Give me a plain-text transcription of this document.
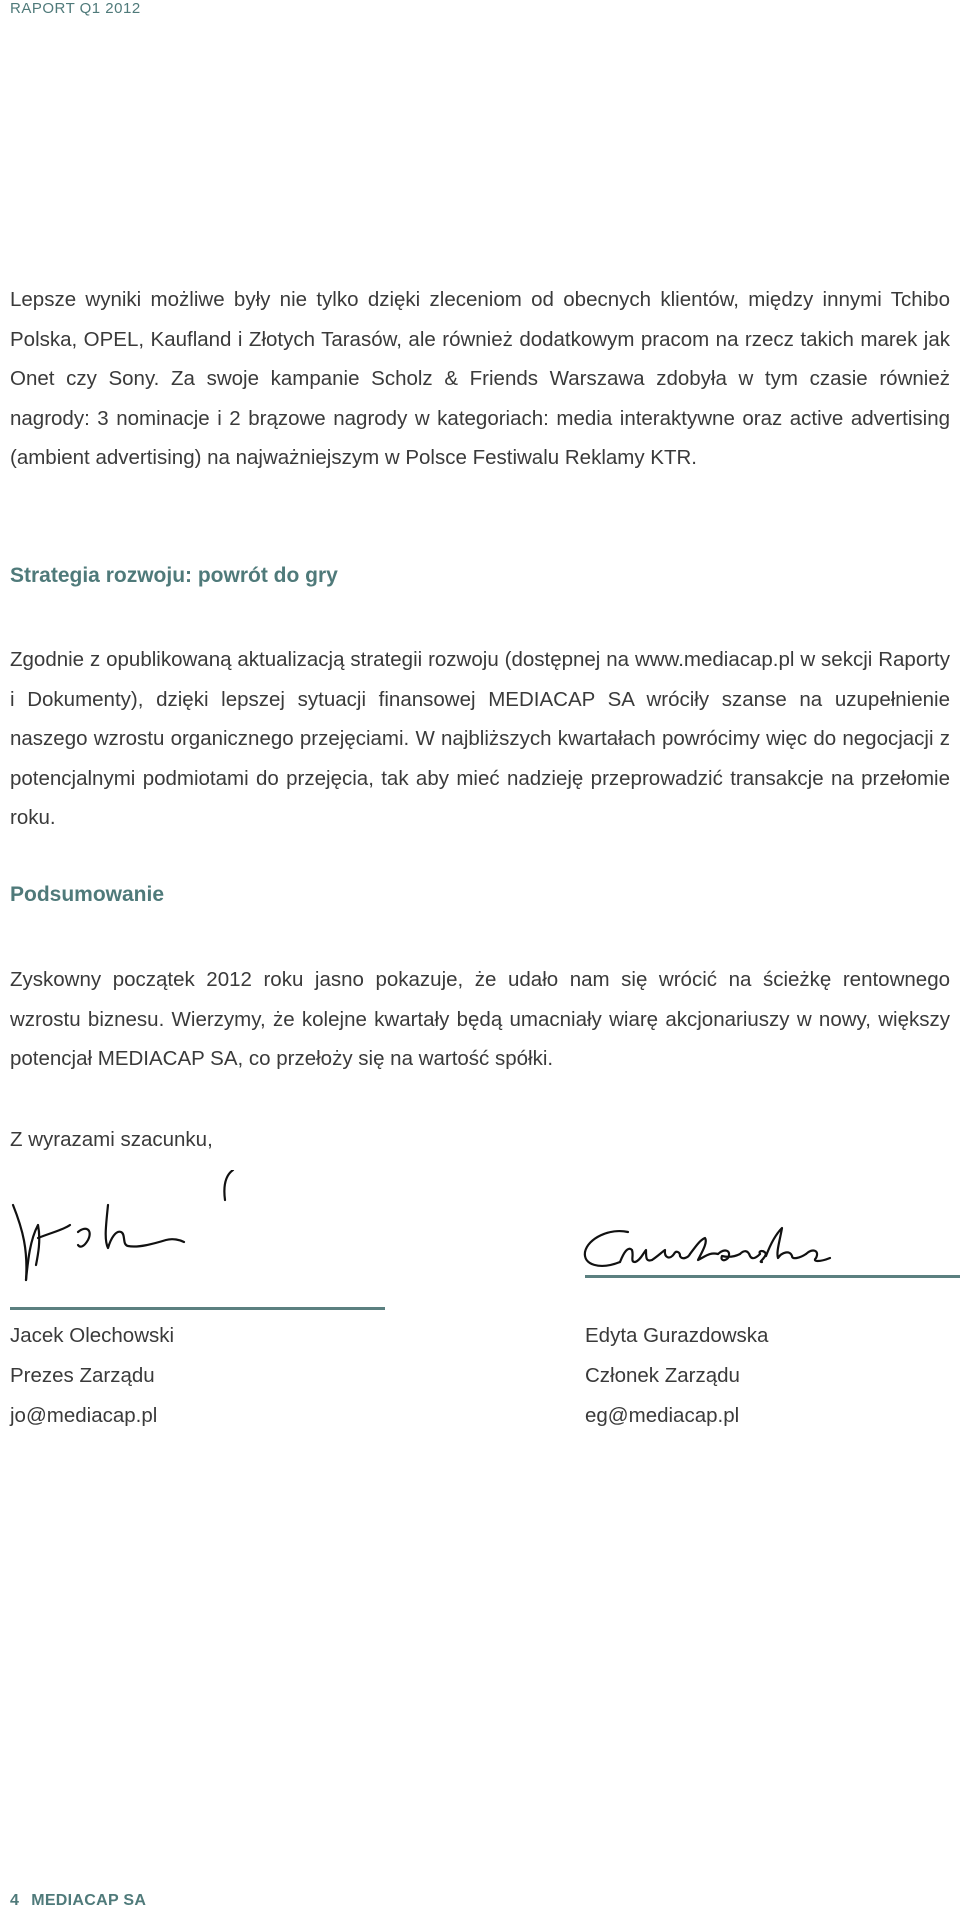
RAPORT Q1 2012

Lepsze wyniki możliwe były nie tylko dzięki zleceniom od obecnych klientów, między innymi Tchibo Polska, OPEL, Kaufland i Złotych Tarasów, ale również dodatkowym pracom na rzecz takich marek jak Onet czy Sony. Za swoje kampanie Scholz & Friends Warszawa zdobyła w tym czasie również nagrody: 3 nominacje i 2 brązowe nagrody w kategoriach: media interaktywne oraz active advertising (ambient advertising) na najważniejszym w Polsce Festiwalu Reklamy KTR.

Strategia rozwoju: powrót do gry

Zgodnie z opublikowaną aktualizacją strategii rozwoju (dostępnej na www.mediacap.pl w sekcji Raporty i Dokumenty), dzięki lepszej sytuacji finansowej MEDIACAP SA wróciły szanse na uzupełnienie naszego wzrostu organicznego przejęciami. W najbliższych kwartałach powrócimy więc do negocjacji z potencjalnymi podmiotami do przejęcia, tak aby mieć nadzieję przeprowadzić transakcje na przełomie roku.

Podsumowanie

Zyskowny początek 2012 roku jasno pokazuje, że udało nam się wrócić na ścieżkę rentownego wzrostu biznesu. Wierzymy, że kolejne kwartały będą umacniały wiarę akcjonariuszy w nowy, większy potencjał MEDIACAP SA, co przełoży się na wartość spółki.

Z wyrazami szacunku,

Jacek Olechowski
Prezes Zarządu
jo@mediacap.pl
Edyta Gurazdowska
Członek Zarządu
eg@mediacap.pl
4 MEDIACAP SA
